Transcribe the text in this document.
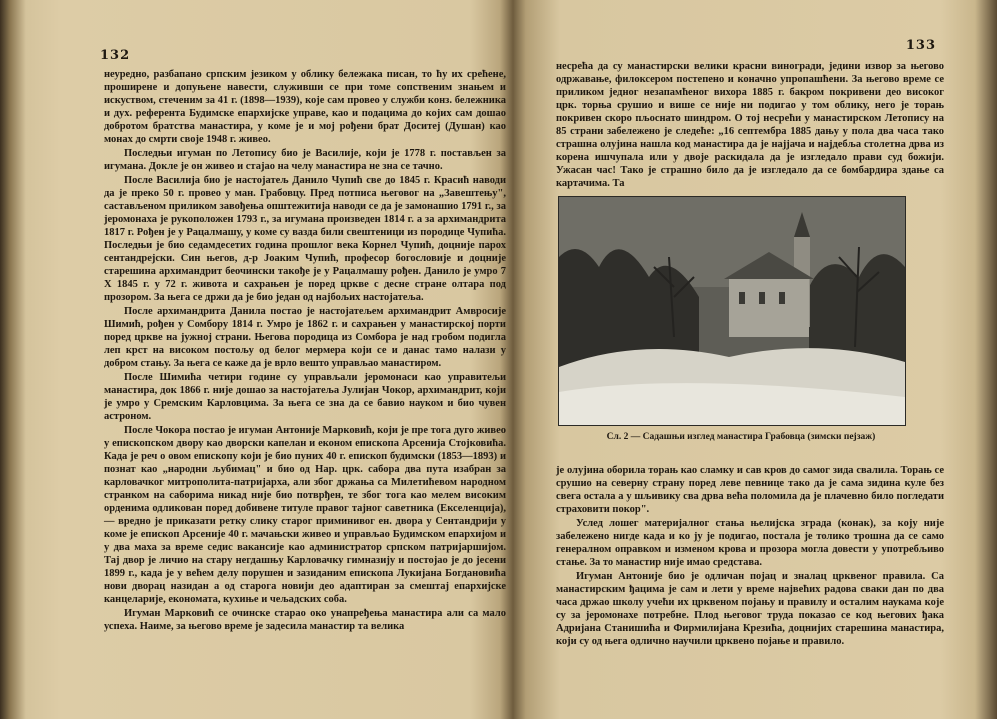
132

неуредно, разбапано српским језиком у облику бележака писан, то ћу их срећене, проширене и допуњене навести, служивши се при томе сопственим знањем и искуством, стеченим за 41 г. (1898—1939), које сам провео у служби конз. бележника и дух. референта Будимске епархијске управе, као и подацима до којих сам дошао добротом братства манастира, у коме је и мој рођени брат Доситеј (Душан) као монах до смрти своје 1948 г. живео.

Последњи игуман по Летопису био је Василије, који је 1778 г. постављен за игумана. Докле је он живео и стајао на челу манастира не зна се тачно.

После Василија био је настојатељ Данило Чупић све до 1845 г. Красић наводи да је преко 50 г. провео у ман. Грабовцу. Пред потписа његовог на „Завештењу", састављеном приликом завођења општежитија наводи се да је замонашио 1791 г., за јеромонаха је рукоположен 1793 г., за игумана произведен 1814 г. а за архимандрита 1817 г. Рођен је у Рацалмашу, у коме су вазда били свештеници из породице Чупића. Последњи је био седамдесетих година прошлог века Корнел Чупић, доцније парох сентандрејски. Син његов, д-р Јоаким Чупић, професор богословије и доцније старешина архимандрит беочински такође је у Рацалмашу рођен. Данило је умро 7 X 1845 г. у 72 г. живота и сахрањен је поред цркве с десне стране олтара под прозором. За њега се држи да је био један од најбољих настојатеља.

После архимандрита Данила постао је настојатељем архимандрит Амвросије Шимић, рођен у Сомбору 1814 г. Умро је 1862 г. и сахрањен у манастирској порти поред цркве на јужној страни. Његова породица из Сомбора је над гробом подигла леп крст на високом постољу од белог мермера који се и данас тамо налази у добром стању. За њега се каже да је врло вешто управљао манастиром.

После Шимића четири године су управљали јеромонаси као управитељи манастира, док 1866 г. није дошао за настојатеља Јулијан Чокор, архимандрит, који је умро у Сремским Карловцима. За њега се зна да се бавио науком и био чувен астроном.

После Чокора постао је игуман Антоније Марковић, који је пре тога дуго живео у епископском двору као дворски капелан и економ епископа Арсенија Стојковића. Када је реч о овом епископу који је био пуних 40 г. епископ будимски (1853—1893) и познат као „народни љубимац" и био од Нар. црк. сабора два пута изабран за карловачког митрополита-патријарха, али због држања са Милетићевом народном странком на саборима никад није био потврђен, те због тога као мелем високим орденима одликован поред добивене титуле правог тајног саветника (Екселенција), — вредно је приказати ретку слику старог приминивог ен. двора у Сентандрији у коме је епископ Арсеније 40 г. мачањски живео и управљао Будимском епархијом и у два маха за време седис вакансије као администратор српском патријаршијом. Тај двор је личио на стару негдашњу Карловачку гимназију и постојао је до јесени 1899 г., када је у већем делу порушен и зазиданим епископа Лукијана Богдановића нови дворац назидан а од старога новији део адаптиран за смештај епархијске канцеларије, економата, кухиње и чељадских соба.

Игуман Марковић се очинске старао око унапређења манастира али са мало успеха. Наиме, за његово време је задесила манастир та велика

133

несрећа да су манастирски велики красни виногради, једини извор за његово одржавање, филоксером постепено и коначно упропашћени. За његово време се приликом једног незапамћеног вихора 1885 г. бакром покривени део високог црк. торња срушио и више се није ни подигао у том облику, него је торањ покривен скоро пљоснато шиндром. О тој несрећи у манастирском Летопису на 85 страни забележено је следеће: „16 септембра 1885 дању у пола два часа тако страшна олујина нашла код манастира да је најјача и најдебља столетна дрва из корена ишчупала или у двоје раскидала да је изгледало прави суд божији. Ужасан час! Тако је страшно било да је изгледало да се бомбардира здање са картачима. Та

Сл. 2 — Садашњи изглед манастира Грабовца (зимски пејзаж)

је олујина оборила торањ као сламку и сав кров до самог зида свалила. Торањ се срушио на северну страну поред леве певнице тако да је сама зидина куле без свега остала а у шљивику сва дрва већа поломила да је плачевно било погледати страховити покор".

Услед лошег материјалног стања њелијска зграда (конак), за коју није забележено нигде када и ко ју је подигао, постала је толико трошна да се само генералном оправком и изменом крова и прозора могла довести у употребљиво стање. За то манастир није имао средстава.

Игуман Антоније био је одличан појац и зналац црквеног правила. Са манастирским ђацима је сам и лети у време највећих радова сваки дан по два часа држао школу учећи их црквеном појању и правилу и осталим наукама које су за јеромонахе потребне. Плод његовог труда показао се код његових ђака Адријана Станишића и Фирмилијана Крезића, доцнијих старешина манастира, који су од њега одлично научили црквено појање и правило.
